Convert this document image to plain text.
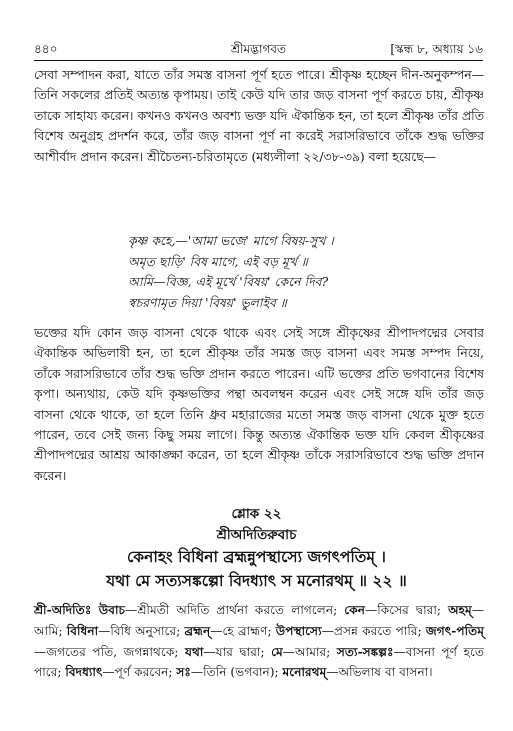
৪৪০	শ্রীমদ্ভাগবত	[স্কন্ধ ৮, অধ্যায় ১৬

সেবা সম্পাদন করা, যাতে তাঁর সমস্ত বাসনা পূর্ণ হতে পারে। শ্রীকৃষ্ণ হচ্ছেন দীন-অনুকম্পন—তিনি সকলের প্রতিই অত্যন্ত কৃপাময়। তাই কেউ যদি তার জড় বাসনা পূর্ণ করতে চায়, শ্রীকৃষ্ণ তাকে সাহায্য করেন। কখনও কখনও অবশ্য ভক্ত যদি ঐকান্তিক হন, তা হলে শ্রীকৃষ্ণ তাঁর প্রতি বিশেষ অনুগ্রহ প্রদর্শন করে, তাঁর জড় বাসনা পূর্ণ না করেই সরাসরিভাবে তাঁকে শুদ্ধ ভক্তির আশীর্বাদ প্রদান করেন। শ্রীচৈতন্য-চরিতামৃতে (মধ্যলীলা ২২/৩৮-৩৯) বলা হয়েছে—

কৃষ্ণ কহে,—'আমা ভজে' মাগে বিষয়-সুখ ।
অমৃত ছাড়ি' বিষ মাগে, এই বড় মূর্খ ॥
আমি—বিজ্ঞ, এই মূর্খে 'বিষয়' কেনে দিব?
স্বচরণামৃত দিয়া 'বিষয়' ভুলাইব ॥

ভক্তের যদি কোন জড় বাসনা থেকে থাকে এবং সেই সঙ্গে শ্রীকৃষ্ণের শ্রীপাদপদ্মের সেবার ঐকান্তিক অভিলাষী হন, তা হলে শ্রীকৃষ্ণ তাঁর সমস্ত জড় বাসনা এবং সমস্ত সম্পদ নিয়ে, তাঁকে সরাসরিভাবে তাঁর শুদ্ধ ভক্তি প্রদান করতে পারেন। এটি ভক্তের প্রতি ভগবানের বিশেষ কৃপা। অন্যথায়, কেউ যদি কৃষ্ণভক্তির পন্থা অবলম্বন করেন এবং সেই সঙ্গে যদি তাঁর জড় বাসনা থেকে থাকে, তা হলে তিনি ধ্রুব মহারাজের মতো সমস্ত জড় বাসনা থেকে মুক্ত হতে পারেন, তবে সেই জন্য কিছু সময় লাগে। কিন্তু অত্যন্ত ঐকান্তিক ভক্ত যদি কেবল শ্রীকৃষ্ণের শ্রীপাদপদ্মের আশ্রয় আকাঙ্ক্ষা করেন, তা হলে শ্রীকৃষ্ণ তাঁকে সরাসরিভাবে শুদ্ধ ভক্তি প্রদান করেন।

শ্লোক ২২
শ্রীঅদিতিরুবাচ
কেনাহং বিধিনা ব্রহ্মন্নুপস্থাস্যে জগৎপতিম্ ।
যথা মে সত্যসঙ্কল্পো বিদধ্যাৎ স মনোরথম্ ॥ ২২ ॥

শ্রী-অদিতিঃ উবাচ—শ্রীমতী অদিতি প্রার্থনা করতে লাগলেন; কেন—কিসের দ্বারা; অহম্—আমি; বিধিনা—বিধি অনুসারে; ব্রহ্মন্—হে ব্রাহ্মণ; উপস্থাস্যে—প্রসন্ন করতে পারি; জগৎ-পতিম্—জগতের পতি, জগন্নাথকে; যথা—যার দ্বারা; মে—আমার; সত্য-সঙ্কল্পঃ—বাসনা পূর্ণ হতে পারে; বিদধ্যাৎ—পূর্ণ করবেন; সঃ—তিনি (ভগবান); মনোরথম্—অভিলাষ বা বাসনা।
